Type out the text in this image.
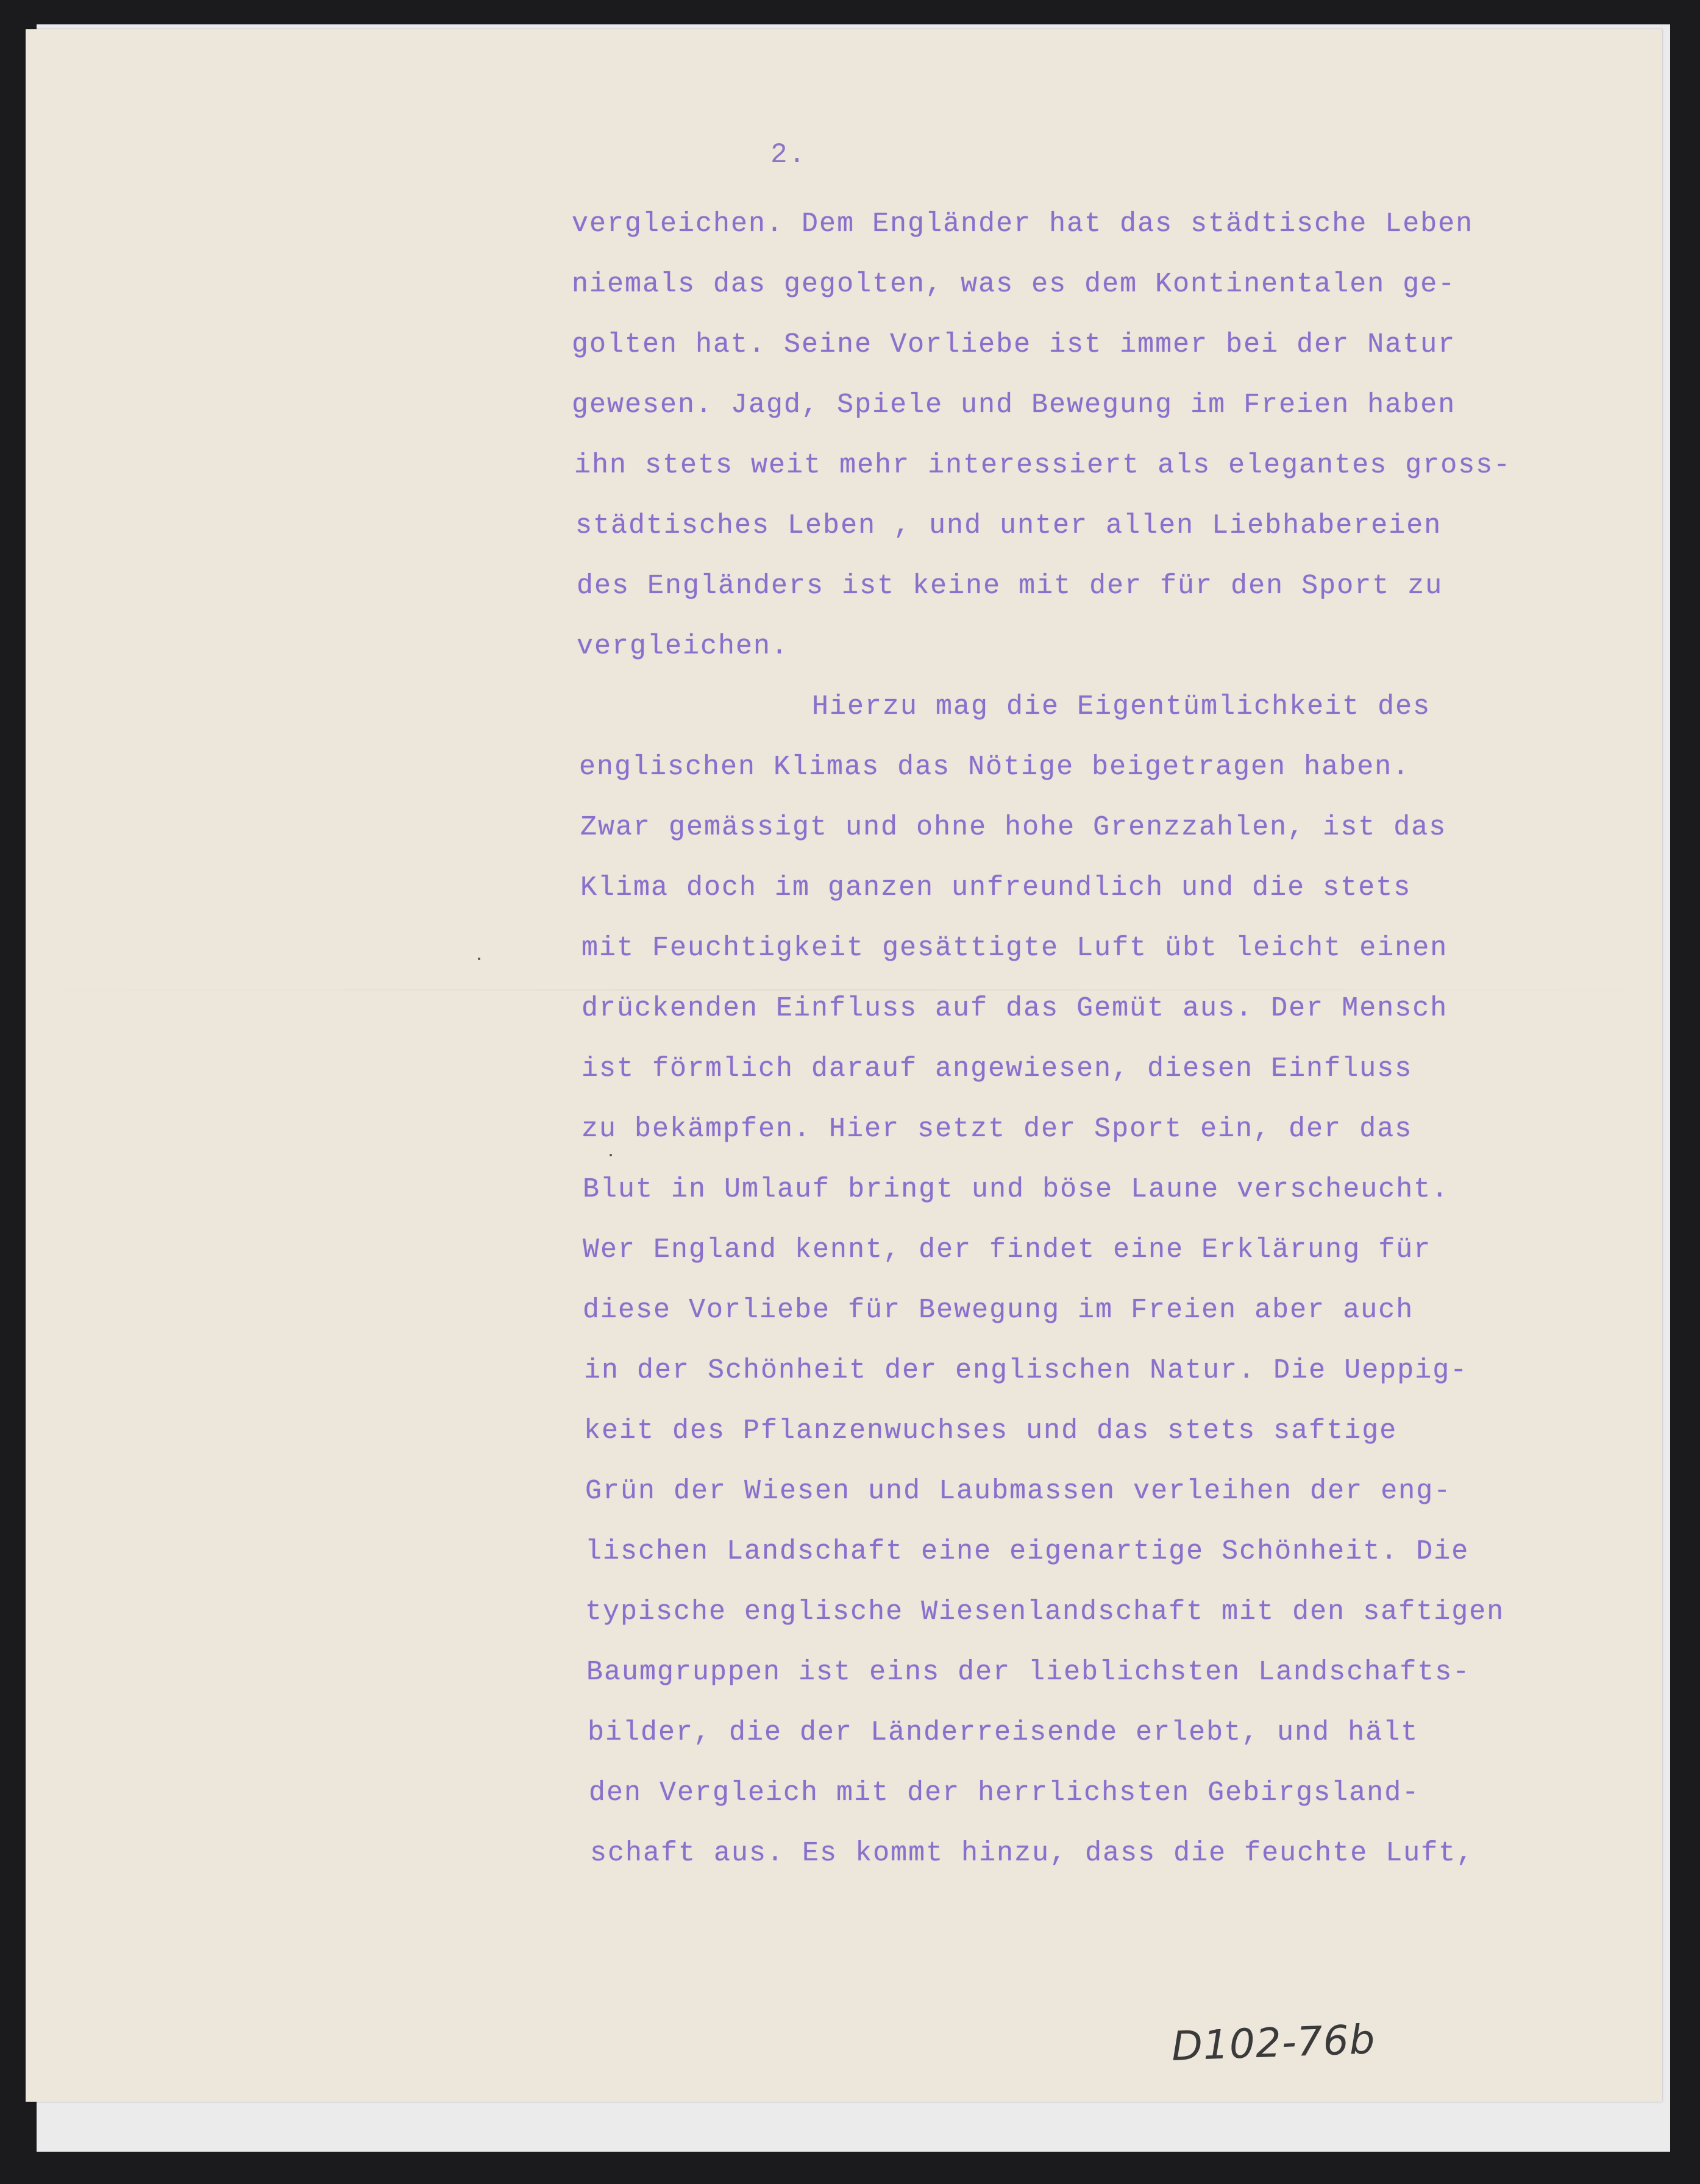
2.
vergleichen. Dem Engländer hat das städtische Leben
niemals das gegolten, was es dem Kontinentalen ge-
golten hat. Seine Vorliebe ist immer bei der Natur
gewesen. Jagd, Spiele und Bewegung im Freien haben
ihn stets weit mehr interessiert als elegantes gross-
städtisches Leben , und unter allen Liebhabereien
des Engländers ist keine mit der für den Sport zu
vergleichen.
Hierzu mag die Eigentümlichkeit des
englischen Klimas das Nötige beigetragen haben.
Zwar gemässigt und ohne hohe Grenzzahlen, ist das
Klima doch im ganzen unfreundlich und die stets
mit Feuchtigkeit gesättigte Luft übt leicht einen
drückenden Einfluss auf das Gemüt aus. Der Mensch
ist förmlich darauf angewiesen, diesen Einfluss
zu bekämpfen. Hier setzt der Sport ein, der das
Blut in Umlauf bringt und böse Laune verscheucht.
Wer England kennt, der findet eine Erklärung für
diese Vorliebe für Bewegung im Freien aber auch
in der Schönheit der englischen Natur. Die Ueppig-
keit des Pflanzenwuchses und das stets saftige
Grün der Wiesen und Laubmassen verleihen der eng-
lischen Landschaft eine eigenartige Schönheit. Die
typische englische Wiesenlandschaft mit den saftigen
Baumgruppen ist eins der lieblichsten Landschafts-
bilder, die der Länderreisende erlebt, und hält
den Vergleich mit der herrlichsten Gebirgsland-
schaft aus. Es kommt hinzu, dass die feuchte Luft,
D102-76b
